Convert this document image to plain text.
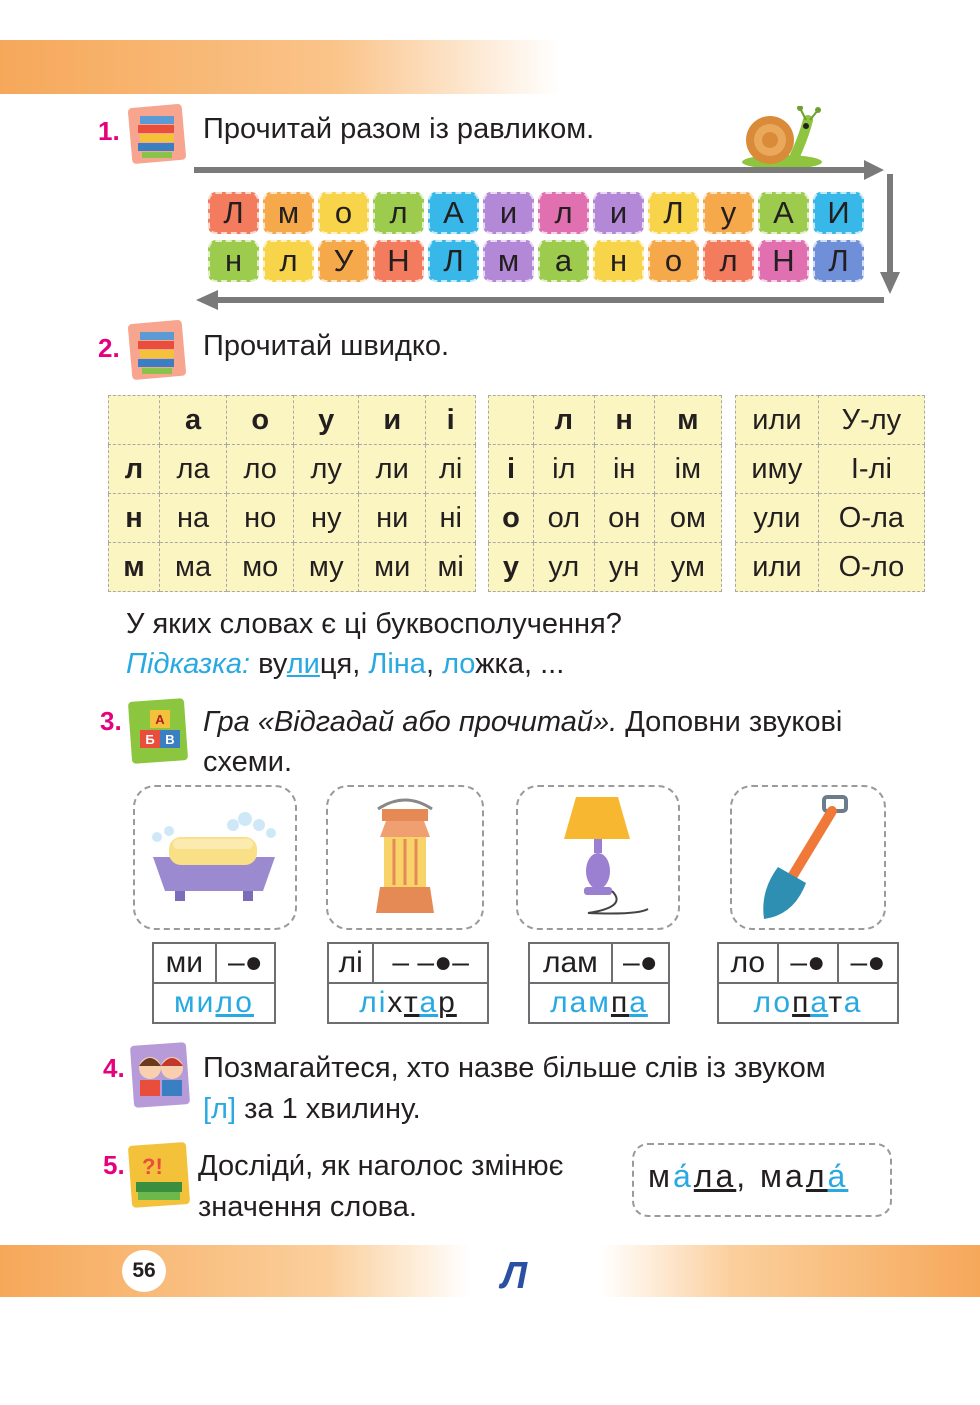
56	Л
1.	Прочитай разом із равликом.
Л	м	о	л	А	и	л	и	Л	у	А	И
н	л	У	Н	Л	м	а	н	о	л	Н	Л
2.	Прочитай швидко.
	а	о	у	и	і
л	ла	ло	лу	ли	лі
н	на	но	ну	ни	ні
м	ма	мо	му	ми	мі
	л	н	м
і	іл	ін	ім
о	ол	он	ом
у	ул	ун	ум
или	У-лу
иму	І-лі
ули	О-ла
или	О-ло
У яких словах є ці буквосполучення?
Підказка: вулиця, Ліна, ложка, ...
3.	А
Б В
Гра «Відгадай або прочитай». Доповни звукові
схеми.
ми	–●
мило
лі	– –●–
ліхтар
лам	–●
лампа
ло	–●	–●
лопата
4.	Позмагайтеся, хто назве більше слів із звуком
[л] за 1 хвилину.
5. ?! Досліди́, як наголос змінює
значення слова.
ма́ла, мала́
